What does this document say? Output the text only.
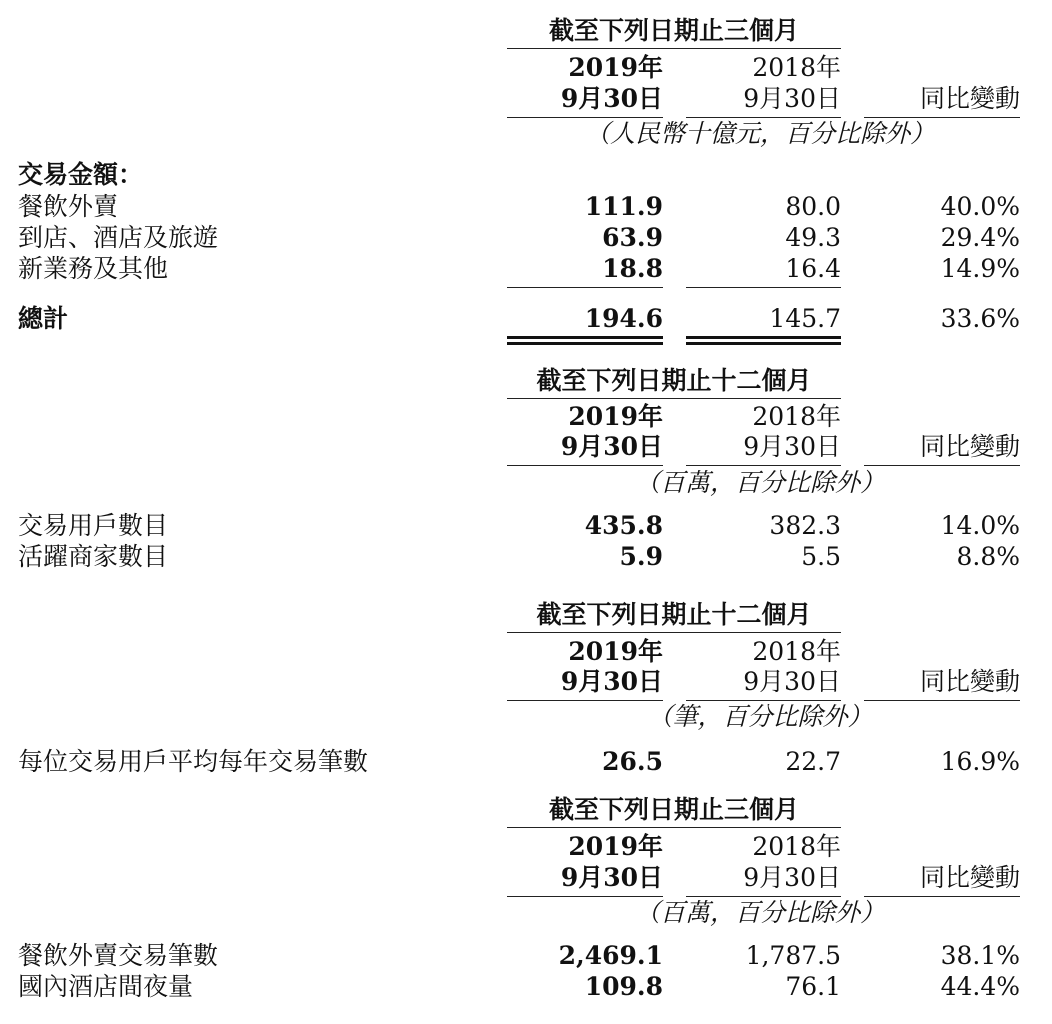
截至下列日期止三個月
2019年	2018年
9月30日	9月30日	同比變動
（人民幣十億元，百分比除外）
交易金額：
餐飲外賣	111.9	80.0	40.0%
到店、酒店及旅遊	63.9	49.3	29.4%
新業務及其他	18.8	16.4	14.9%
總計	194.6	145.7	33.6%
截至下列日期止十二個月
2019年	2018年
9月30日	9月30日	同比變動
（百萬，百分比除外）
交易用戶數目	435.8	382.3	14.0%
活躍商家數目	5.9	5.5	8.8%
截至下列日期止十二個月
2019年	2018年
9月30日	9月30日	同比變動
（筆，百分比除外）
每位交易用戶平均每年交易筆數	26.5	22.7	16.9%
截至下列日期止三個月
2019年	2018年
9月30日	9月30日	同比變動
（百萬，百分比除外）
餐飲外賣交易筆數	2,469.1	1,787.5	38.1%
國內酒店間夜量	109.8	76.1	44.4%
